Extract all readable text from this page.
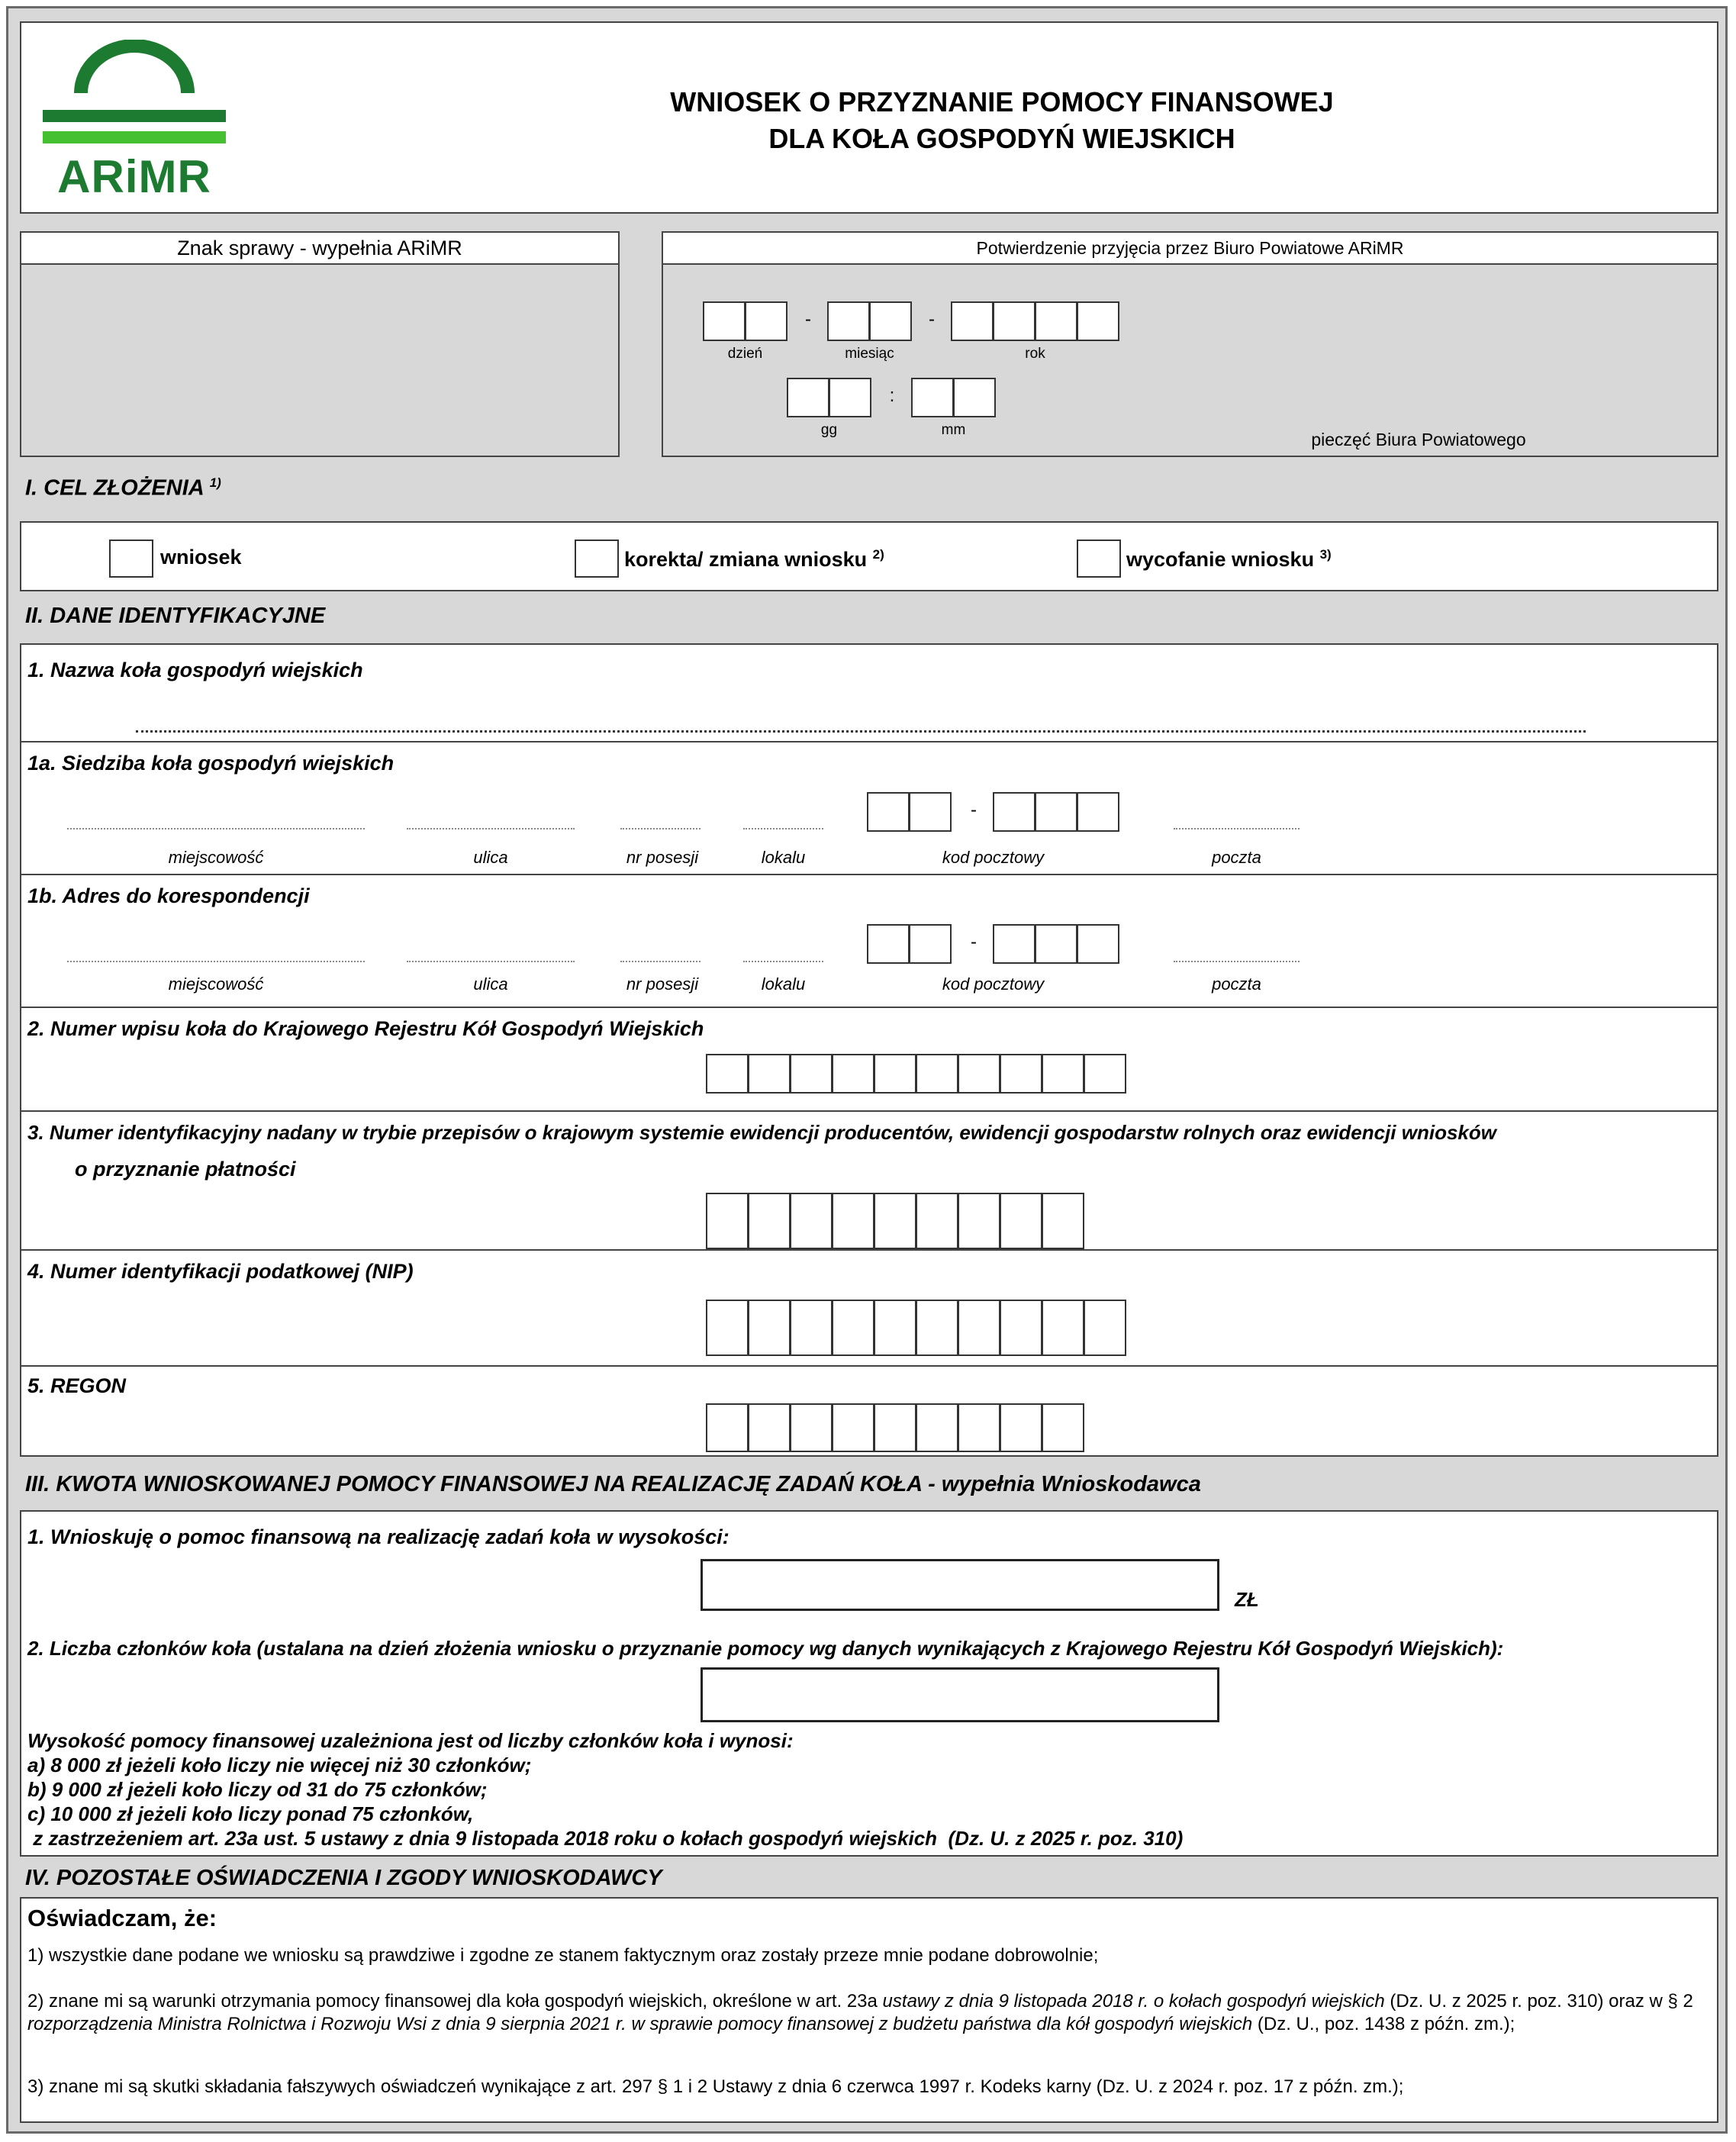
ARiMR
WNIOSEK O PRZYZNANIE POMOCY FINANSOWEJ
DLA KOŁA GOSPODYŃ WIEJSKICH
Znak sprawy - wypełnia ARiMR	Potwierdzenie przyjęcia przez Biuro Powiatowe ARiMR
-	-
dzień	miesiąc	rok
:
gg	mm	pieczęć Biura Powiatowego
I. CEL ZŁOŻENIA $^{1)}$
wniosek	korekta/ zmiana wniosku $^{2)}$	wycofanie wniosku $^{3)}$
II. DANE IDENTYFIKACYJNE
1. Nazwa koła gospodyń wiejskich
1a. Siedziba koła gospodyń wiejskich
-
miejscowość	ulica	nr posesji	lokalu	kod pocztowy	poczta
1b. Adres do korespondencji
-
miejscowość	ulica	nr posesji	lokalu	kod pocztowy	poczta
2. Numer wpisu koła do Krajowego Rejestru Kół Gospodyń Wiejskich
3. Numer identyfikacyjny nadany w trybie przepisów o krajowym systemie ewidencji producentów, ewidencji gospodarstw rolnych oraz ewidencji wniosków
o przyznanie płatności
4. Numer identyfikacji podatkowej (NIP)
5. REGON
III. KWOTA WNIOSKOWANEJ POMOCY FINANSOWEJ NA REALIZACJĘ ZADAŃ KOŁA - wypełnia Wnioskodawca
1. Wnioskuję o pomoc finansową na realizację zadań koła w wysokości:
ZŁ
2. Liczba członków koła (ustalana na dzień złożenia wniosku o przyznanie pomocy wg danych wynikających z Krajowego Rejestru Kół Gospodyń Wiejskich):
Wysokość pomocy finansowej uzależniona jest od liczby członków koła i wynosi:
a) 8 000 zł jeżeli koło liczy nie więcej niż 30 członków;
b) 9 000 zł jeżeli koło liczy od 31 do 75 członków;
c) 10 000 zł jeżeli koło liczy ponad 75 członków,
z zastrzeżeniem art. 23a ust. 5 ustawy z dnia 9 listopada 2018 roku o kołach gospodyń wiejskich  (Dz. U. z 2025 r. poz. 310)
IV. POZOSTAŁE OŚWIADCZENIA I ZGODY WNIOSKODAWCY
Oświadczam, że:
1) wszystkie dane podane we wniosku są prawdziwe i zgodne ze stanem faktycznym oraz zostały przeze mnie podane dobrowolnie;
2) znane mi są warunki otrzymania pomocy finansowej dla koła gospodyń wiejskich, określone w art. 23a ustawy z dnia 9 listopada 2018 r. o kołach gospodyń wiejskich (Dz. U. z 2025 r. poz. 310) oraz w § 2 rozporządzenia Ministra Rolnictwa i Rozwoju Wsi z dnia 9 sierpnia 2021 r. w sprawie pomocy finansowej z budżetu państwa dla kół gospodyń wiejskich (Dz. U., poz. 1438 z późn. zm.);
3) znane mi są skutki składania fałszywych oświadczeń wynikające z art. 297 § 1 i 2 Ustawy z dnia 6 czerwca 1997 r. Kodeks karny (Dz. U. z 2024 r. poz. 17 z późn. zm.);
